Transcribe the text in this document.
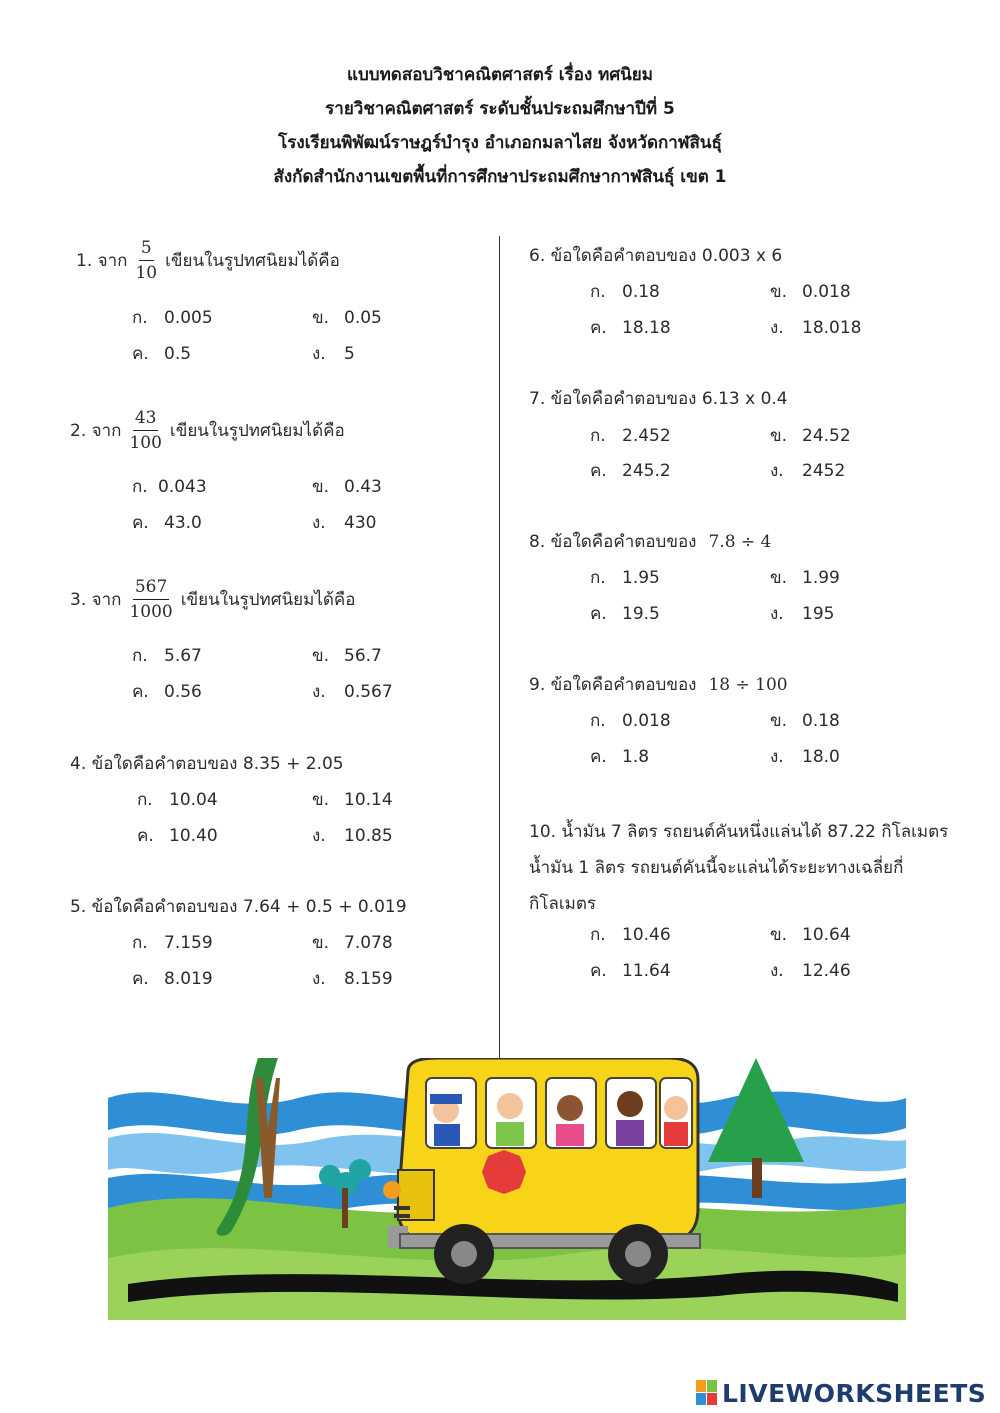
แบบทดสอบวิชาคณิตศาสตร์ เรื่อง ทศนิยม
รายวิชาคณิตศาสตร์ ระดับชั้นประถมศึกษาปีที่ 5
โรงเรียนพิพัฒน์ราษฎร์บำรุง อำเภอกมลาไสย จังหวัดกาฬสินธุ์
สังกัดสำนักงานเขตพื้นที่การศึกษาประถมศึกษากาฬสินธุ์ เขต 1
1. จาก $\frac{5}{10}$ เขียนในรูปทศนิยมได้คือ
ก. 0.005	ข. 0.05
ค. 0.5	ง. 5
2. จาก $\frac{43}{100}$ เขียนในรูปทศนิยมได้คือ
ก. 0.043	ข. 0.43
ค. 43.0	ง. 430
3. จาก $\frac{567}{1000}$ เขียนในรูปทศนิยมได้คือ
ก. 5.67	ข. 56.7
ค. 0.56	ง. 0.567
4. ข้อใดคือคำตอบของ 8.35 + 2.05
ก. 10.04	ข. 10.14
ค. 10.40	ง. 10.85
5. ข้อใดคือคำตอบของ 7.64 + 0.5 + 0.019
ก. 7.159	ข. 7.078
ค. 8.019	ง. 8.159
6. ข้อใดคือคำตอบของ 0.003 x 6
ก. 0.18	ข. 0.018
ค. 18.18	ง. 18.018
7. ข้อใดคือคำตอบของ 6.13 x 0.4
ก. 2.452	ข. 24.52
ค. 245.2	ง. 2452
8. ข้อใดคือคำตอบของ 7.8 ÷ 4
ก. 1.95	ข. 1.99
ค. 19.5	ง. 195
9. ข้อใดคือคำตอบของ 18 ÷ 100
ก. 0.018	ข. 0.18
ค. 1.8	ง. 18.0
10. น้ำมัน 7 ลิตร รถยนต์คันหนึ่งแล่นได้ 87.22 กิโลเมตร
น้ำมัน 1 ลิตร รถยนต์คันนี้จะแล่นได้ระยะทางเฉลี่ยกี่
กิโลเมตร
ก. 10.46	ข. 10.64
ค. 11.64	ง. 12.46
LIVEWORKSHEETS
